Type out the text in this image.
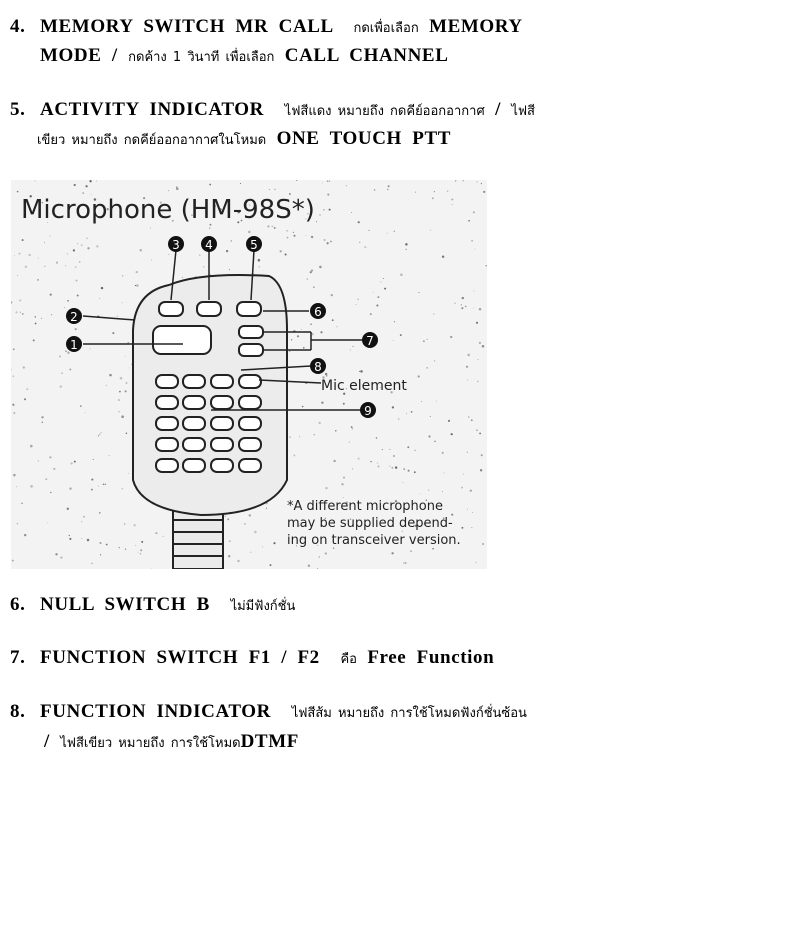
4. MEMORY SWITCH MR CALL กดเพื่อเลือก MEMORY
MODE / กดค้าง 1 วินาที เพื่อเลือก CALL CHANNEL
5. ACTIVITY INDICATOR ไฟสีแดง หมายถึง กดคีย์ออกอากาศ / ไฟสี
เขียว หมายถึง กดคีย์ออกอากาศในโหมด ONE TOUCH PTT
Microphone (HM-98S*)
3 4	5
2
1
6
7
8
9
Mic element
*A different microphone
may be supplied depend-
ing on transceiver version.
6. NULL SWITCH B ไม่มีฟังก์ชั่น
7. FUNCTION SWITCH F1 / F2 คือ Free Function
8. FUNCTION INDICATOR ไฟสีส้ม หมายถึง การใช้โหมดฟังก์ชั่นซ้อน
/ ไฟสีเขียว หมายถึง การใช้โหมดDTMF
